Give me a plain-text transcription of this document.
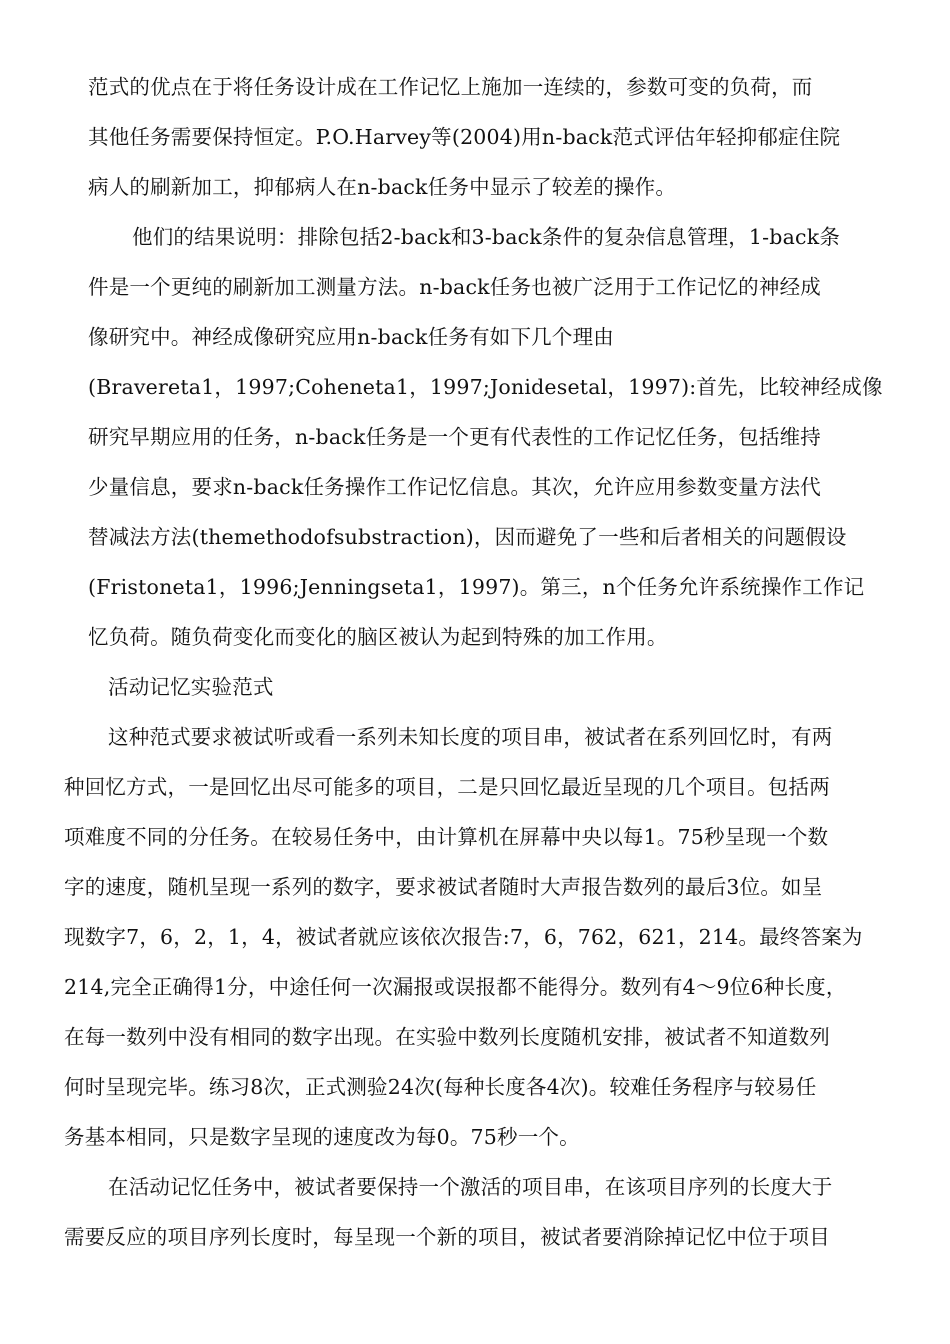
范式的优点在于将任务设计成在工作记忆上施加一连续的，参数可变的负荷，而
其他任务需要保持恒定。P.O.Harvey等(2004)用n-back范式评估年轻抑郁症住院
病人的刷新加工，抑郁病人在n-back任务中显示了较差的操作。
他们的结果说明：排除包括2-back和3-back条件的复杂信息管理，1-back条
件是一个更纯的刷新加工测量方法。n-back任务也被广泛用于工作记忆的神经成
像研究中。神经成像研究应用n-back任务有如下几个理由
(Bravereta1，1997;Coheneta1，1997;Jonidesetal，1997):首先，比较神经成像
研究早期应用的任务，n-back任务是一个更有代表性的工作记忆任务，包括维持
少量信息，要求n-back任务操作工作记忆信息。其次，允许应用参数变量方法代
替减法方法(themethodofsubstraction)，因而避免了一些和后者相关的问题假设
(Fristoneta1，1996;Jenningseta1，1997)。第三，n个任务允许系统操作工作记
忆负荷。随负荷变化而变化的脑区被认为起到特殊的加工作用。
活动记忆实验范式
这种范式要求被试听或看一系列未知长度的项目串，被试者在系列回忆时，有两
种回忆方式，一是回忆出尽可能多的项目，二是只回忆最近呈现的几个项目。包括两
项难度不同的分任务。在较易任务中，由计算机在屏幕中央以每1。75秒呈现一个数
字的速度，随机呈现一系列的数字，要求被试者随时大声报告数列的最后3位。如呈
现数字7，6，2，1，4，被试者就应该依次报告:7，6，762，621，214。最终答案为
214,完全正确得1分，中途任何一次漏报或误报都不能得分。数列有4〜9位6种长度，
在每一数列中没有相同的数字出现。在实验中数列长度随机安排，被试者不知道数列
何时呈现完毕。练习8次，正式测验24次(每种长度各4次)。较难任务程序与较易任
务基本相同，只是数字呈现的速度改为每0。75秒一个。
在活动记忆任务中，被试者要保持一个激活的项目串，在该项目序列的长度大于
需要反应的项目序列长度时，每呈现一个新的项目，被试者要消除掉记忆中位于项目
